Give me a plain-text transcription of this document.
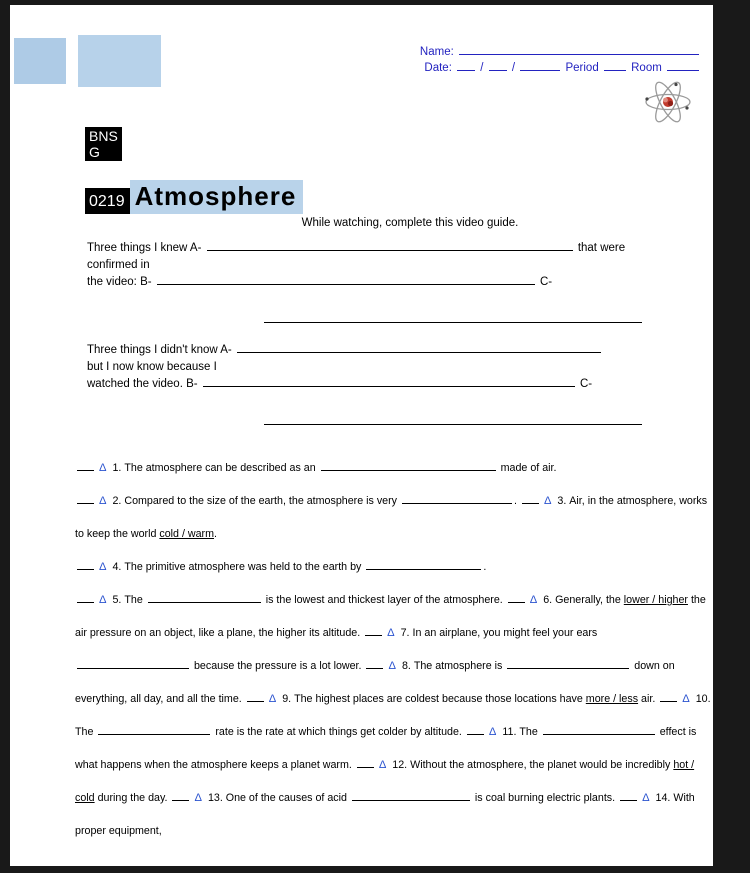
Name:
Date:  /  /	Period  Room
BNS
G
0219 Atmosphere
While watching, complete this video guide.
Three things I knew A-	that were
confirmed in
the video: B-	C-
Three things I didn't know A-
but I now know because I
watched the video. B-	C-

Δ 1. The atmosphere can be described as an	made of air.

Δ 2. Compared to the size of the earth, the atmosphere is very	. Δ 3. Air, in the atmosphere, works to keep the world cold / warm.

Δ 4. The primitive atmosphere was held to the earth by	.

Δ 5. The	is the lowest and thickest layer of the atmosphere. Δ 6. Generally, the lower / higher the air pressure on an object, like a plane, the higher its altitude. Δ 7. In an airplane, you might feel your ears  because the pressure is a lot lower. Δ 8. The atmosphere is	down on everything, all day, and all the time. Δ 9. The highest places are coldest because those locations have more / less air. Δ 10. The	rate is the rate at which things get colder by altitude. Δ 11. The	effect is what happens when the atmosphere keeps a planet warm. Δ 12. Without the atmosphere, the planet would be incredibly hot / cold during the day. Δ 13. One of the causes of acid	is coal burning electric plants. Δ 14. With proper equipment,
